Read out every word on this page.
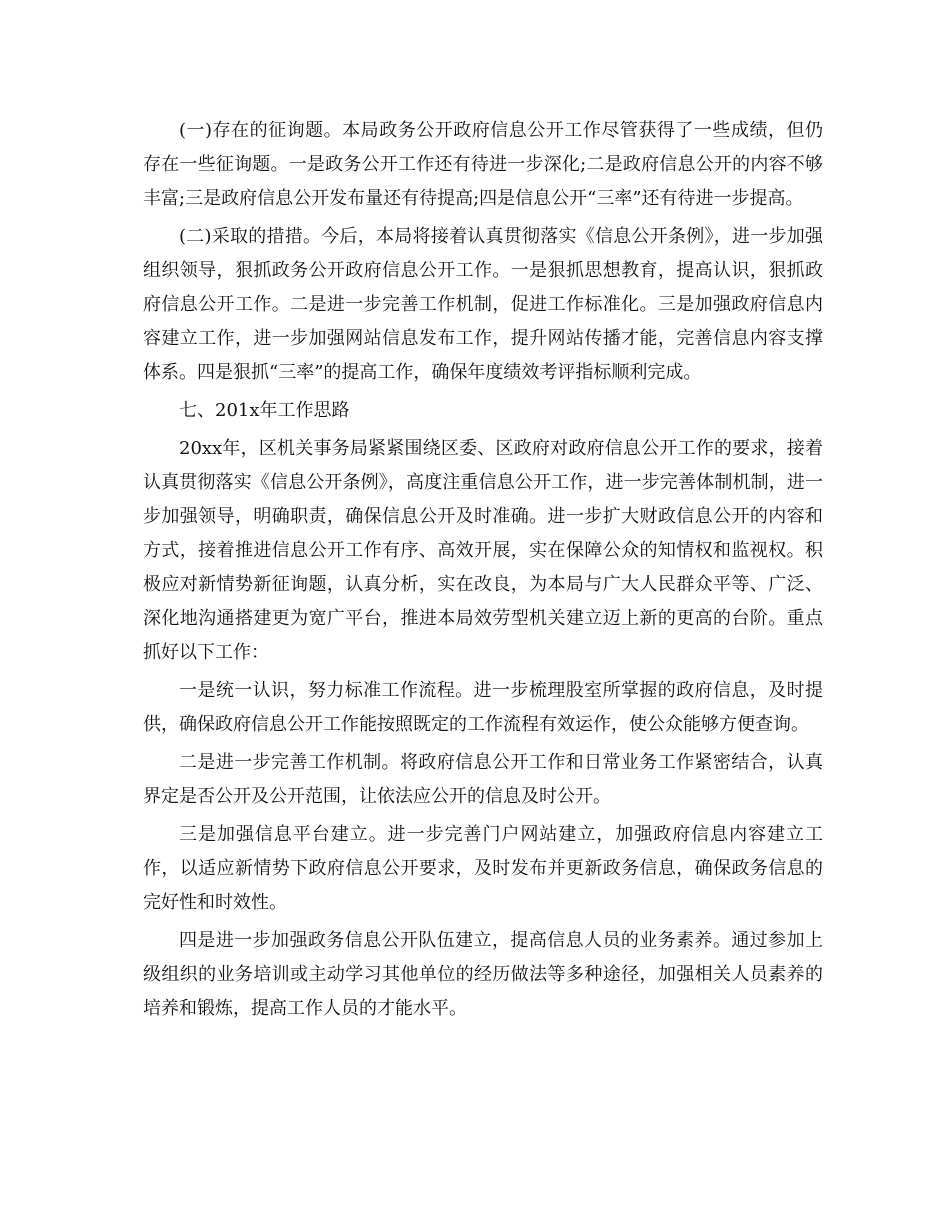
(一)存在的征询题。本局政务公开政府信息公开工作尽管获得了一些成绩，但仍存在一些征询题。一是政务公开工作还有待进一步深化;二是政府信息公开的内容不够丰富;三是政府信息公开发布量还有待提高;四是信息公开“三率”还有待进一步提高。

(二)采取的措措。今后，本局将接着认真贯彻落实《信息公开条例》，进一步加强组织领导，狠抓政务公开政府信息公开工作。一是狠抓思想教育，提高认识，狠抓政府信息公开工作。二是进一步完善工作机制，促进工作标准化。三是加强政府信息内容建立工作，进一步加强网站信息发布工作，提升网站传播才能，完善信息内容支撑体系。四是狠抓“三率”的提高工作，确保年度绩效考评指标顺利完成。

七、201x年工作思路

20xx年，区机关事务局紧紧围绕区委、区政府对政府信息公开工作的要求，接着认真贯彻落实《信息公开条例》，高度注重信息公开工作，进一步完善体制机制，进一步加强领导，明确职责，确保信息公开及时准确。进一步扩大财政信息公开的内容和方式，接着推进信息公开工作有序、高效开展，实在保障公众的知情权和监视权。积极应对新情势新征询题，认真分析，实在改良，为本局与广大人民群众平等、广泛、深化地沟通搭建更为宽广平台，推进本局效劳型机关建立迈上新的更高的台阶。重点抓好以下工作：

一是统一认识，努力标准工作流程。进一步梳理股室所掌握的政府信息，及时提供，确保政府信息公开工作能按照既定的工作流程有效运作，使公众能够方便查询。

二是进一步完善工作机制。将政府信息公开工作和日常业务工作紧密结合，认真界定是否公开及公开范围，让依法应公开的信息及时公开。

三是加强信息平台建立。进一步完善门户网站建立，加强政府信息内容建立工作，以适应新情势下政府信息公开要求，及时发布并更新政务信息，确保政务信息的完好性和时效性。

四是进一步加强政务信息公开队伍建立，提高信息人员的业务素养。通过参加上级组织的业务培训或主动学习其他单位的经历做法等多种途径，加强相关人员素养的培养和锻炼，提高工作人员的才能水平。
